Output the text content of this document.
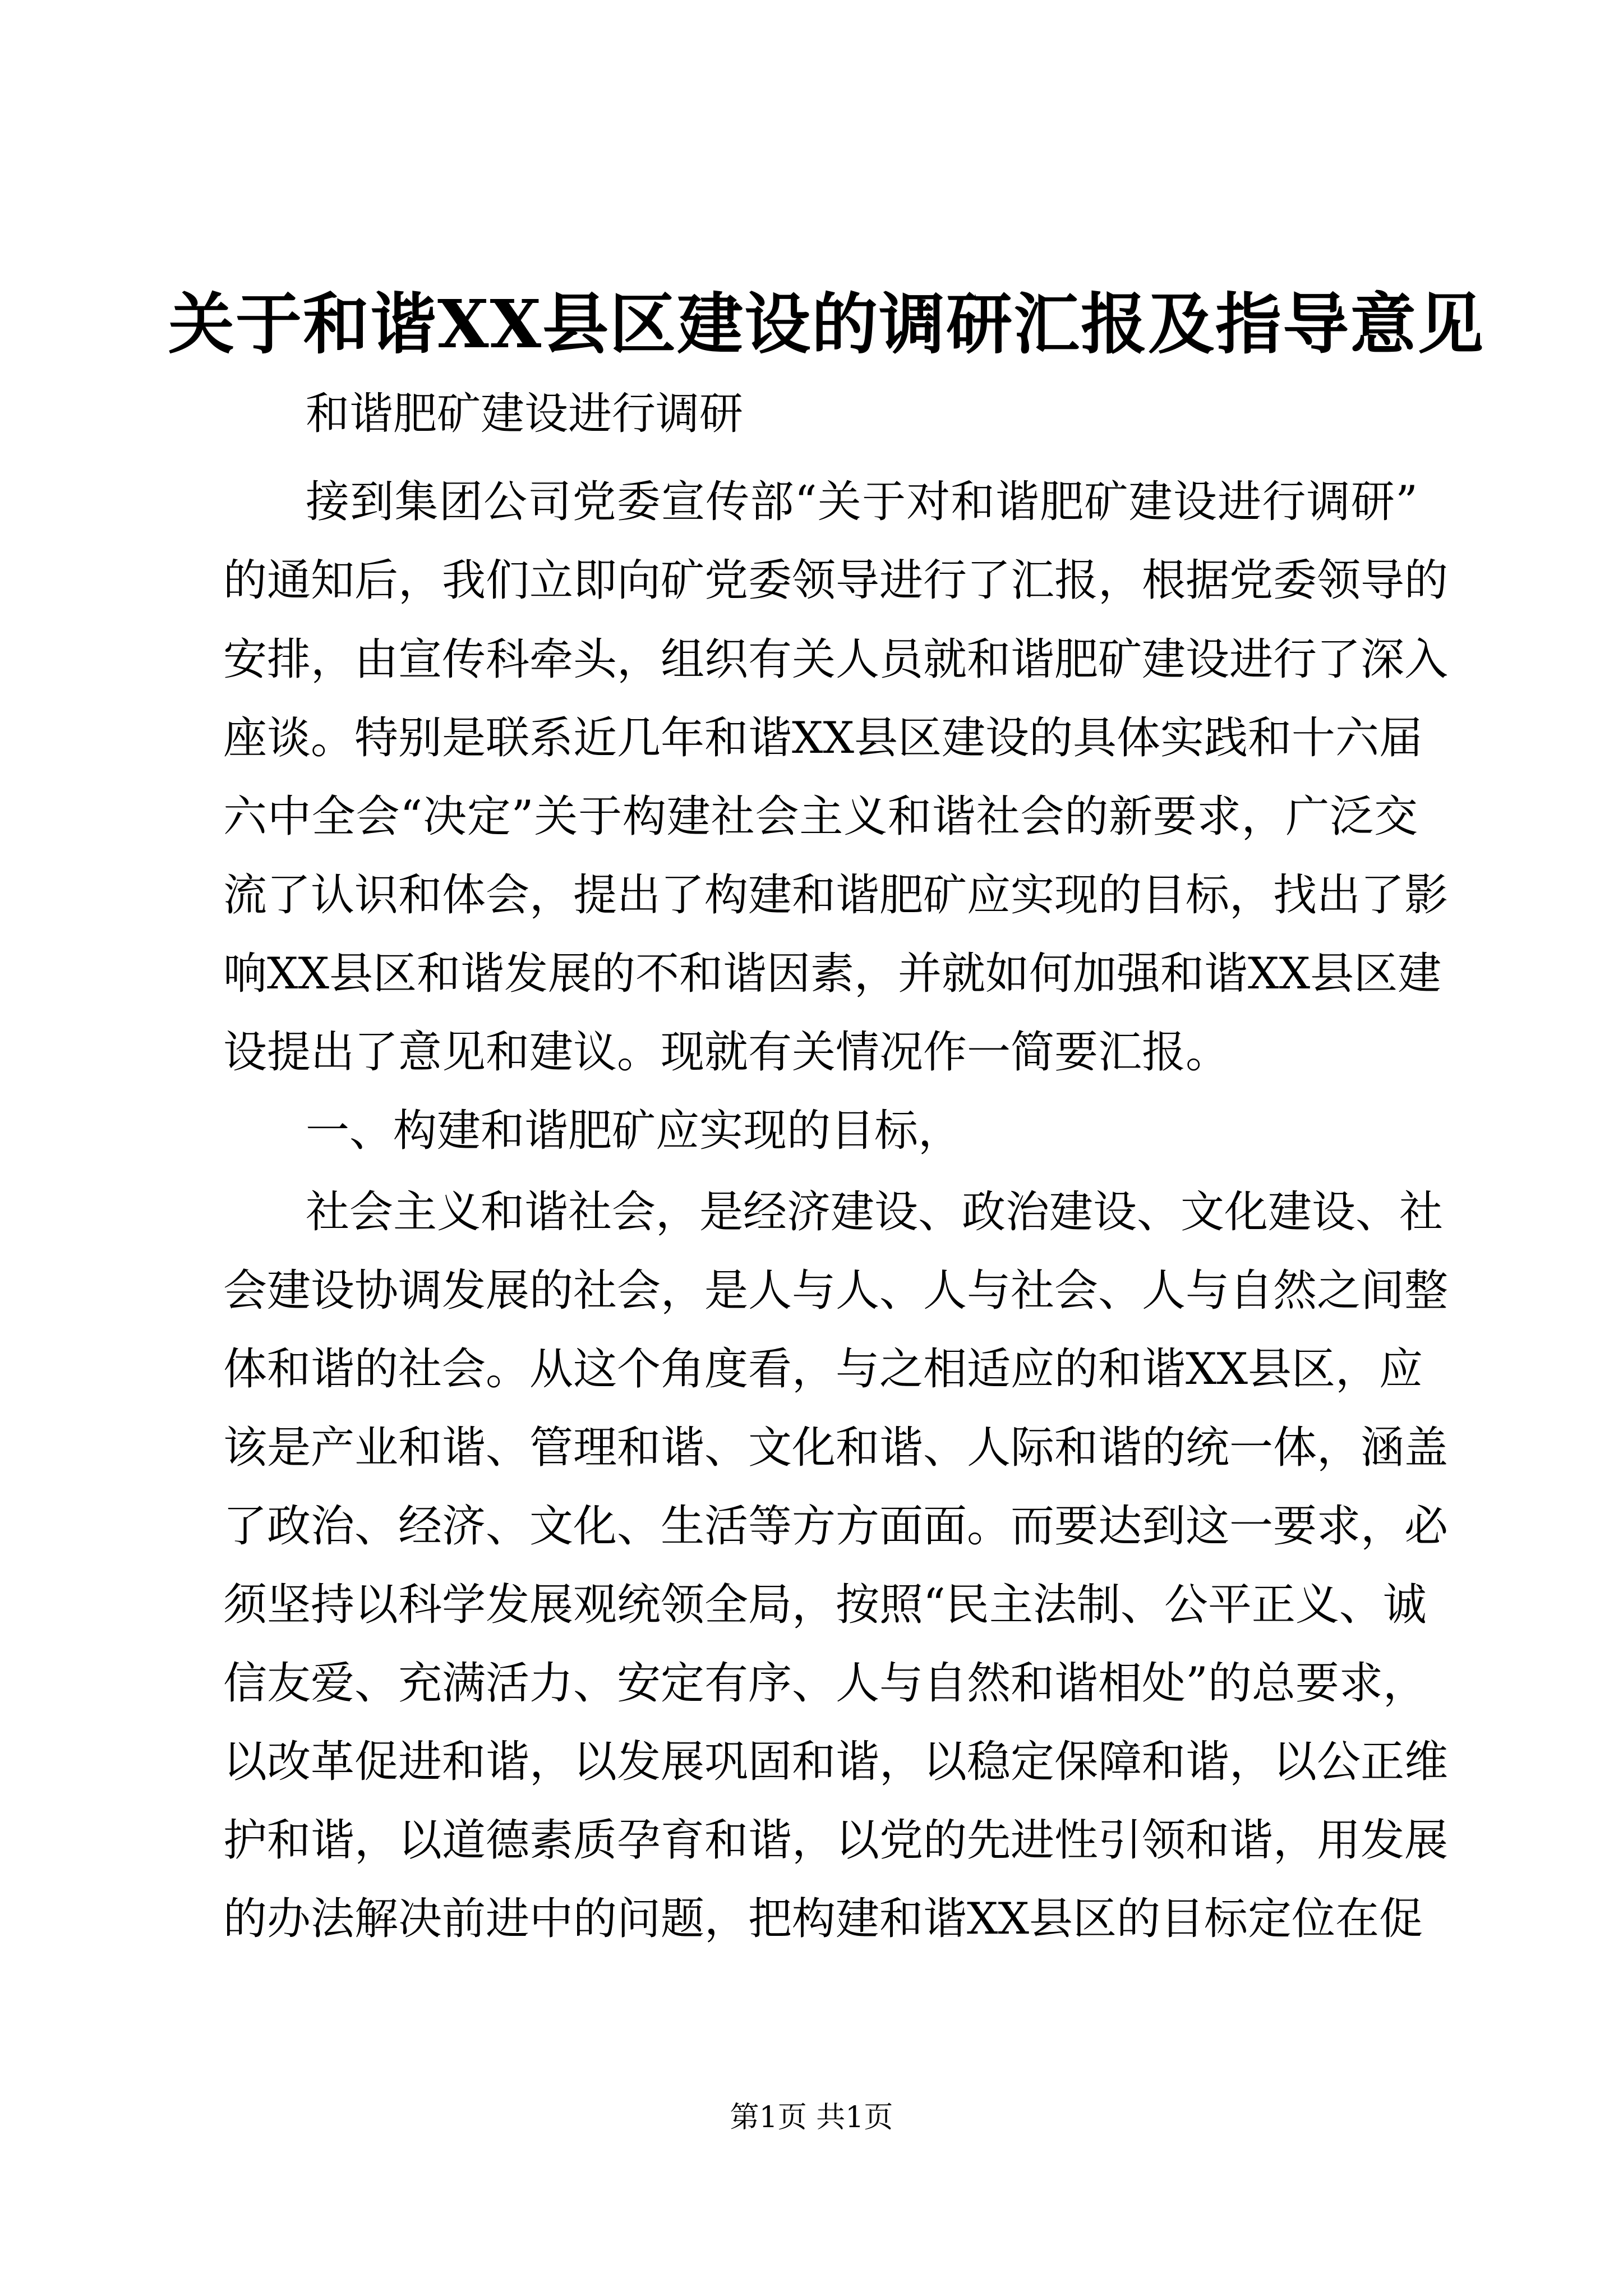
关于和谐XX县区建设的调研汇报及指导意见

和谐肥矿建设进行调研

接到集团公司党委宣传部“关于对和谐肥矿建设进行调研”

的通知后，我们立即向矿党委领导进行了汇报，根据党委领导的

安排，由宣传科牵头，组织有关人员就和谐肥矿建设进行了深入

座谈。特别是联系近几年和谐XX县区建设的具体实践和十六届

六中全会“决定”关于构建社会主义和谐社会的新要求，广泛交

流了认识和体会，提出了构建和谐肥矿应实现的目标，找出了影

响XX县区和谐发展的不和谐因素，并就如何加强和谐XX县区建

设提出了意见和建议。现就有关情况作一简要汇报。

一、构建和谐肥矿应实现的目标，

社会主义和谐社会，是经济建设、政治建设、文化建设、社

会建设协调发展的社会，是人与人、人与社会、人与自然之间整

体和谐的社会。从这个角度看，与之相适应的和谐XX县区，应

该是产业和谐、管理和谐、文化和谐、人际和谐的统一体，涵盖

了政治、经济、文化、生活等方方面面。而要达到这一要求，必

须坚持以科学发展观统领全局，按照“民主法制、公平正义、诚

信友爱、充满活力、安定有序、人与自然和谐相处”的总要求，

以改革促进和谐，以发展巩固和谐，以稳定保障和谐，以公正维

护和谐，以道德素质孕育和谐，以党的先进性引领和谐，用发展

的办法解决前进中的问题，把构建和谐XX县区的目标定位在促

第1页 共1页
